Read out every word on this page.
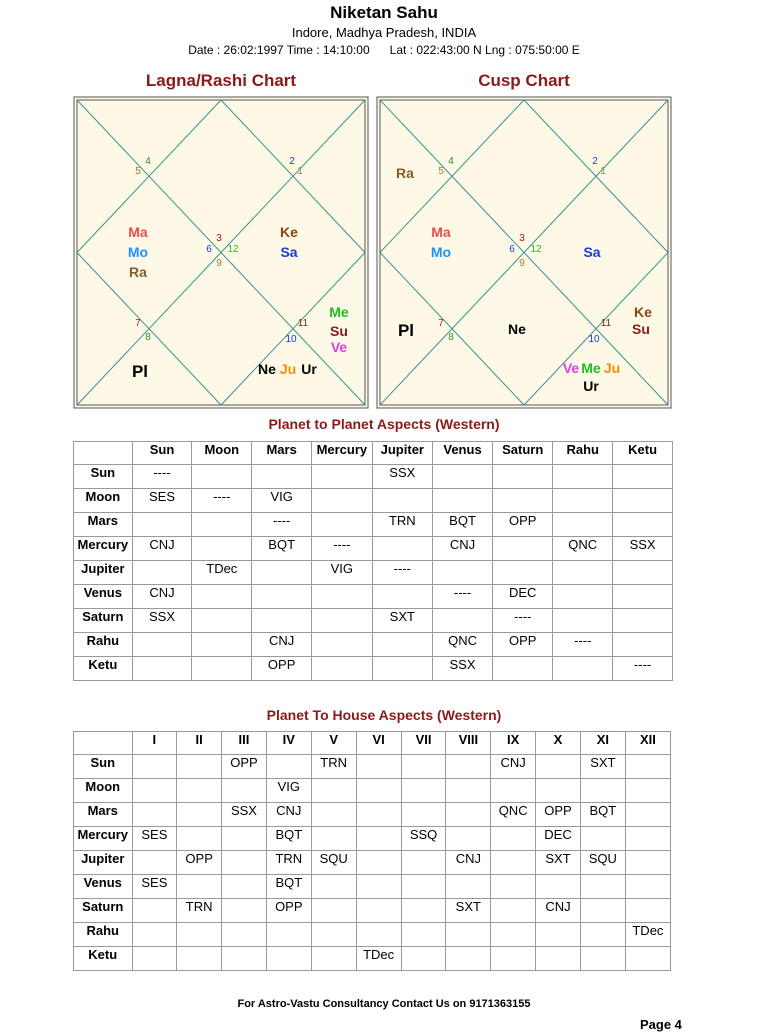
Niketan Sahu
Indore, Madhya Pradesh, INDIA
Date : 26:02:1997 Time : 14:10:00      Lat : 022:43:00 N Lng : 075:50:00 E
Lagna/Rashi Chart	Cusp Chart
4
5
2
1
3
6 12
9
7
8
11
10
Ma
Mo
Ra
Ke
Sa
Me
Su
Ve
Pl	Ne Ju Ur
4
5
2
1
3
6 12
9
7
8
11
10
Ra
Ma
Mo	Sa
Pl	Ne
Ke
Su
Ve Me Ju
Ur
Planet to Planet Aspects (Western)
	Sun	Moon	Mars	Mercury	Jupiter	Venus	Saturn	Rahu	Ketu
Sun	----				SSX				
Moon	SES	----	VIG						
Mars			----		TRN	BQT	OPP		
Mercury	CNJ		BQT	----		CNJ		QNC	SSX
Jupiter		TDec		VIG	----				
Venus	CNJ					----	DEC		
Saturn	SSX				SXT		----		
Rahu			CNJ			QNC	OPP	----	
Ketu			OPP			SSX			----
Planet To House Aspects (Western)
	I	II	III	IV	V	VI	VII	VIII	IX	X	XI	XII
Sun			OPP		TRN				CNJ		SXT	
Moon				VIG								
Mars			SSX	CNJ					QNC	OPP	BQT	
Mercury	SES			BQT			SSQ			DEC		
Jupiter		OPP		TRN	SQU			CNJ		SXT	SQU	
Venus	SES			BQT								
Saturn		TRN		OPP				SXT		CNJ		
Rahu												TDec
Ketu						TDec						
For Astro-Vastu Consultancy Contact Us on 9171363155
Page 4
